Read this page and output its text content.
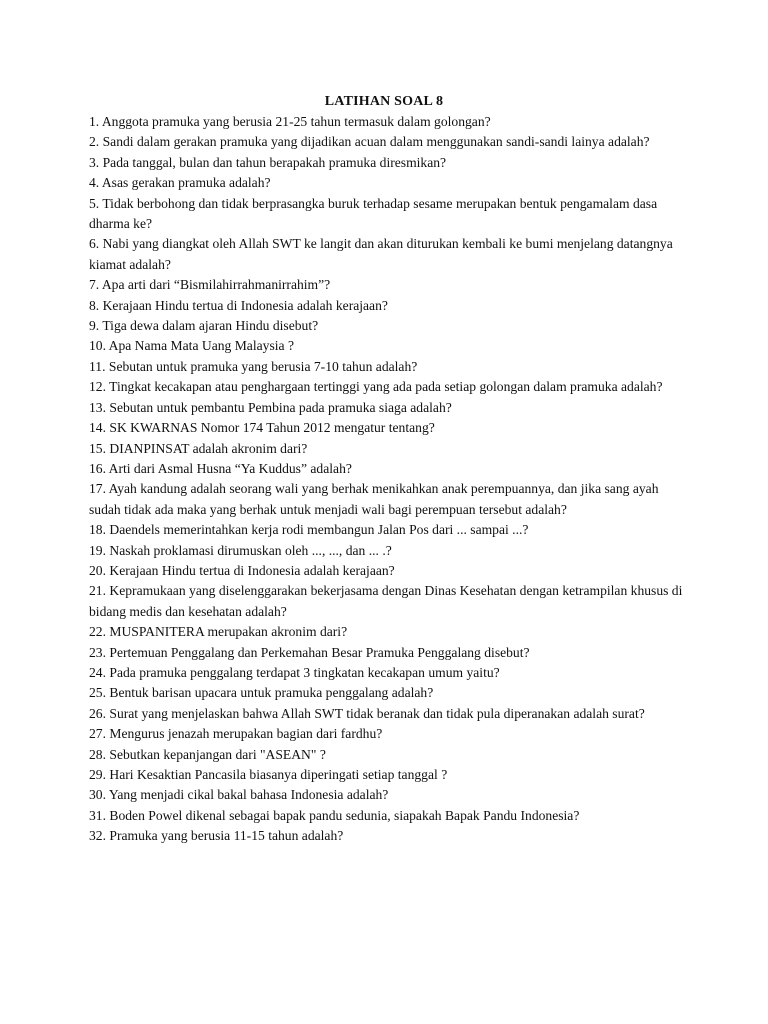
LATIHAN SOAL 8
1. Anggota pramuka yang berusia 21-25 tahun termasuk dalam golongan?
2. Sandi dalam gerakan pramuka yang dijadikan acuan dalam menggunakan sandi-sandi lainya adalah?
3. Pada tanggal, bulan dan tahun berapakah pramuka diresmikan?
4. Asas gerakan pramuka adalah?
5. Tidak berbohong dan tidak berprasangka buruk terhadap sesame merupakan bentuk pengamalam dasa dharma ke?
6. Nabi yang diangkat oleh Allah SWT ke langit dan akan diturukan kembali ke bumi menjelang datangnya kiamat adalah?
7. Apa arti dari “Bismilahirrahmanirrahim”?
8. Kerajaan Hindu tertua di Indonesia adalah kerajaan?
9. Tiga dewa dalam ajaran Hindu disebut?
10. Apa Nama Mata Uang Malaysia ?
11. Sebutan untuk pramuka yang berusia 7-10 tahun adalah?
12. Tingkat kecakapan atau penghargaan tertinggi yang ada pada setiap golongan dalam pramuka adalah?
13. Sebutan untuk pembantu Pembina pada pramuka siaga adalah?
14. SK KWARNAS Nomor 174 Tahun 2012 mengatur tentang?
15. DIANPINSAT adalah akronim dari?
16. Arti dari Asmal Husna “Ya Kuddus” adalah?
17. Ayah kandung adalah seorang wali yang berhak menikahkan anak perempuannya, dan jika sang ayah sudah tidak ada maka yang berhak untuk menjadi wali bagi perempuan tersebut adalah?
18. Daendels memerintahkan kerja rodi membangun Jalan Pos dari ... sampai ...?
19. Naskah proklamasi dirumuskan oleh ..., ..., dan ... .?
20. Kerajaan Hindu tertua di Indonesia adalah kerajaan?
21. Kepramukaan yang diselenggarakan bekerjasama dengan Dinas Kesehatan dengan ketrampilan khusus di bidang medis dan kesehatan adalah?
22. MUSPANITERA merupakan akronim dari?
23. Pertemuan Penggalang dan Perkemahan Besar Pramuka Penggalang disebut?
24. Pada pramuka penggalang terdapat 3 tingkatan kecakapan umum yaitu?
25. Bentuk barisan upacara untuk pramuka penggalang adalah?
26. Surat yang menjelaskan bahwa Allah SWT tidak beranak dan tidak pula diperanakan adalah surat?
27. Mengurus jenazah merupakan bagian dari fardhu?
28. Sebutkan kepanjangan dari "ASEAN" ?
29. Hari Kesaktian Pancasila biasanya diperingati setiap tanggal ?
30. Yang menjadi cikal bakal bahasa Indonesia adalah?
31. Boden Powel dikenal sebagai bapak pandu sedunia, siapakah Bapak Pandu Indonesia?
32. Pramuka yang berusia 11-15 tahun adalah?
